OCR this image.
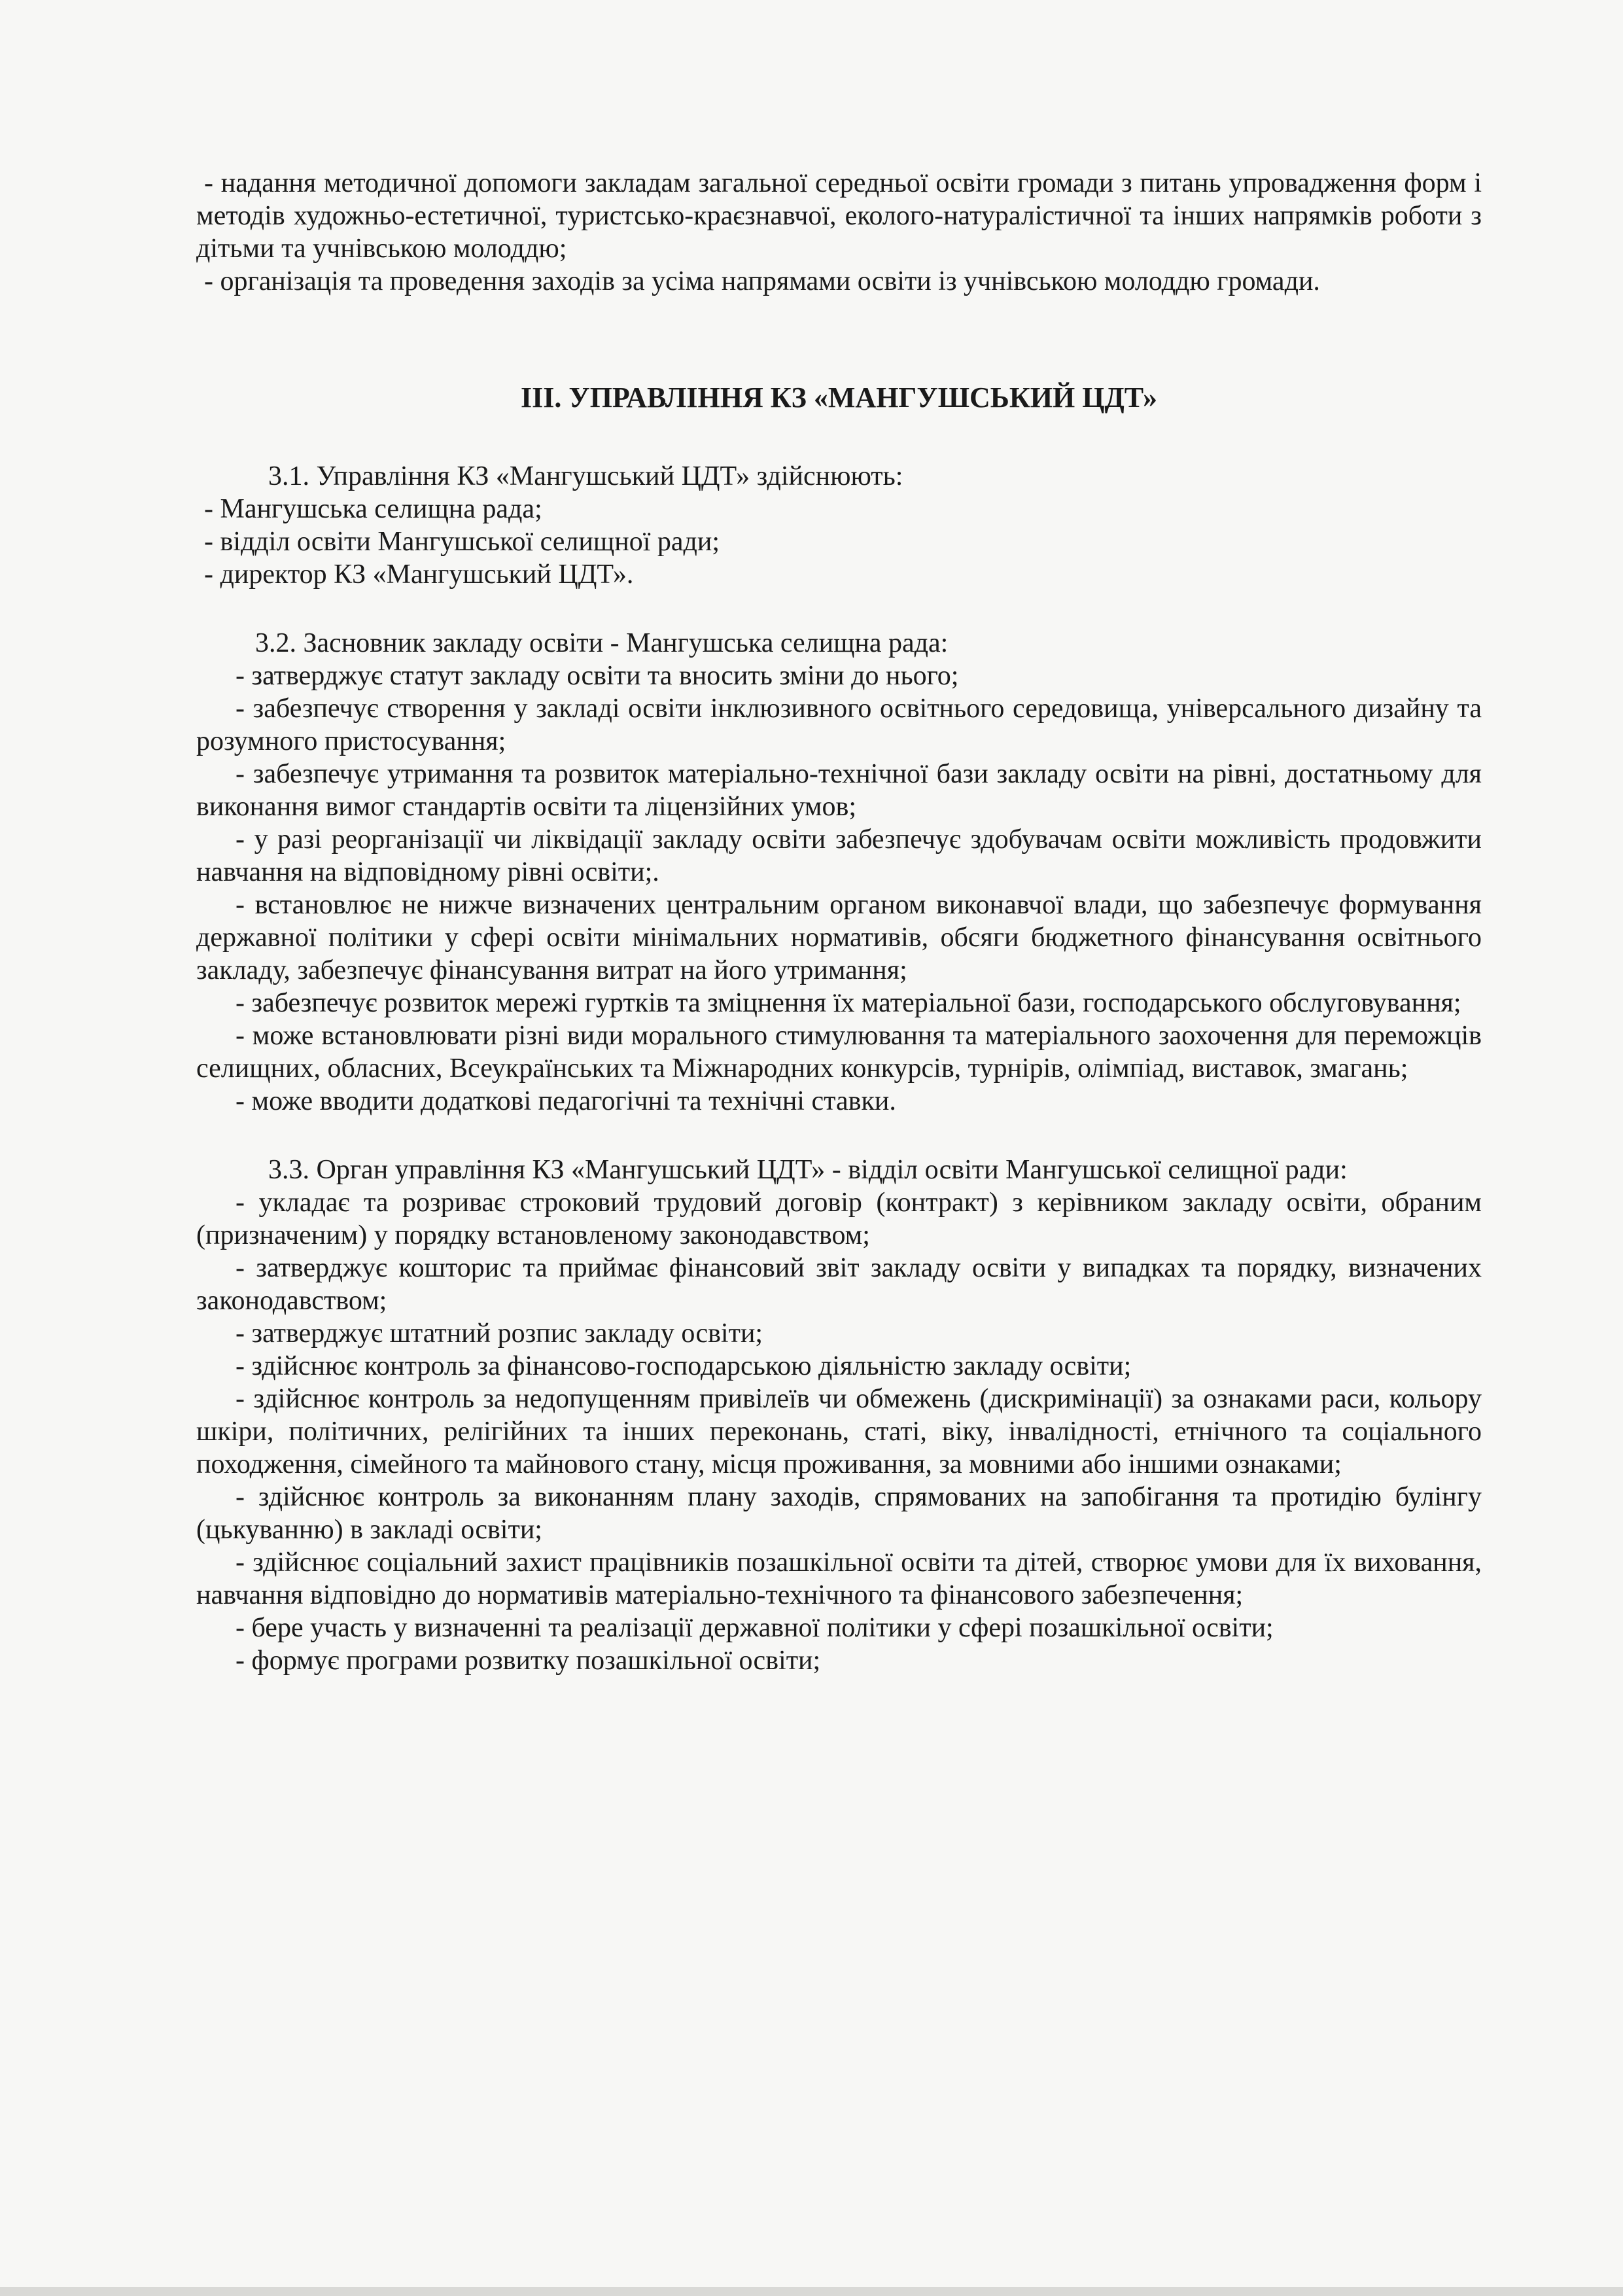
- надання методичної допомоги закладам загальної середньої освіти громади з питань упровадження форм і методів художньо-естетичної, туристсько-краєзнавчої, еколого-натуралістичної та інших напрямків роботи з дітьми та учнівською молоддю;

- організація та проведення заходів за усіма напрямами освіти із учнівською молоддю громади.

ІІІ. УПРАВЛІННЯ КЗ «МАНГУШСЬКИЙ ЦДТ»

3.1. Управління КЗ «Мангушський ЦДТ» здійснюють:

- Мангушська селищна рада;

- відділ освіти Мангушської селищної ради;

- директор КЗ «Мангушський ЦДТ».

3.2. Засновник закладу освіти - Мангушська селищна рада:

- затверджує статут закладу освіти та вносить зміни до нього;

- забезпечує створення у закладі освіти інклюзивного освітнього середовища, універсального дизайну та розумного пристосування;

- забезпечує утримання та розвиток матеріально-технічної бази закладу освіти на рівні, достатньому для виконання вимог стандартів освіти та ліцензійних умов;

- у разі реорганізації чи ліквідації закладу освіти забезпечує здобувачам освіти можливість продовжити навчання на відповідному рівні освіти;.

- встановлює не нижче визначених центральним органом виконавчої влади, що забезпечує формування державної політики у сфері освіти мінімальних нормативів, обсяги бюджетного фінансування освітнього закладу, забезпечує фінансування витрат на його утримання;

- забезпечує розвиток мережі гуртків та зміцнення їх матеріальної бази, господарського обслуговування;

- може встановлювати різні види морального стимулювання та матеріального заохочення для переможців селищних, обласних, Всеукраїнських та Міжнародних конкурсів, турнірів, олімпіад, виставок, змагань;

- може вводити додаткові педагогічні та технічні ставки.

3.3. Орган управління КЗ «Мангушський ЦДТ» - відділ освіти Мангушської селищної ради:

- укладає та розриває строковий трудовий договір (контракт) з керівником закладу освіти, обраним (призначеним) у порядку встановленому законодавством;

- затверджує кошторис та приймає фінансовий звіт закладу освіти у випадках та порядку, визначених законодавством;

- затверджує штатний розпис закладу освіти;

- здійснює контроль за фінансово-господарською діяльністю закладу освіти;

- здійснює контроль за недопущенням привілеїв чи обмежень (дискримінації) за ознаками раси, кольору шкіри, політичних, релігійних та інших переконань, статі, віку, інвалідності, етнічного та соціального походження, сімейного та майнового стану, місця проживання, за мовними або іншими ознаками;

- здійснює контроль за виконанням плану заходів, спрямованих на запобігання та протидію булінгу (цькуванню) в закладі освіти;

- здійснює соціальний захист працівників позашкільної освіти та дітей, створює умови для їх виховання, навчання відповідно до нормативів матеріально-технічного та фінансового забезпечення;

- бере участь у визначенні та реалізації державної політики у сфері позашкільної освіти;

- формує програми розвитку позашкільної освіти;
